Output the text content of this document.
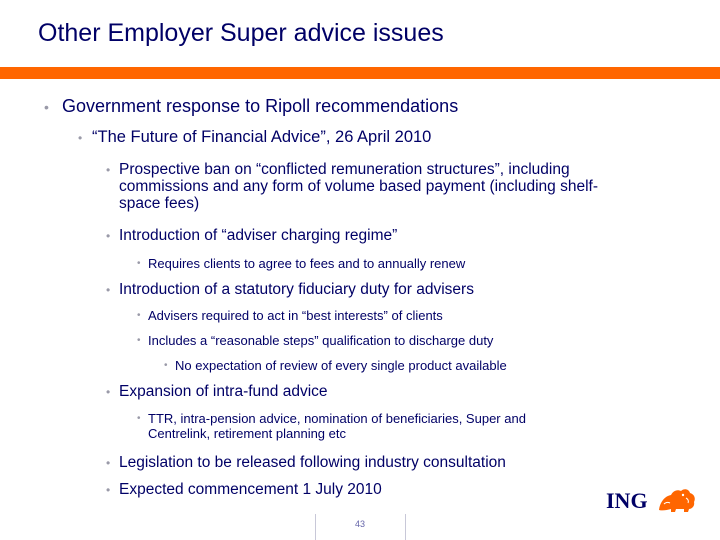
Other Employer Super advice issues
• Government response to Ripoll recommendations
• “The Future of Financial Advice”, 26 April 2010
• Prospective ban on “conflicted remuneration structures”, including
commissions and any form of volume based payment (including shelf-
space fees)
• Introduction of “adviser charging regime”
• Requires clients to agree to fees and to annually renew
• Introduction of a statutory fiduciary duty for advisers
• Advisers required to act in “best interests” of clients
• Includes a “reasonable steps” qualification to discharge duty
• No expectation of review of every single product available
• Expansion of intra-fund advice
• TTR, intra-pension advice, nomination of beneficiaries, Super and
Centrelink, retirement planning etc
• Legislation to be released following industry consultation
• Expected commencement 1 July 2010
43
ING
